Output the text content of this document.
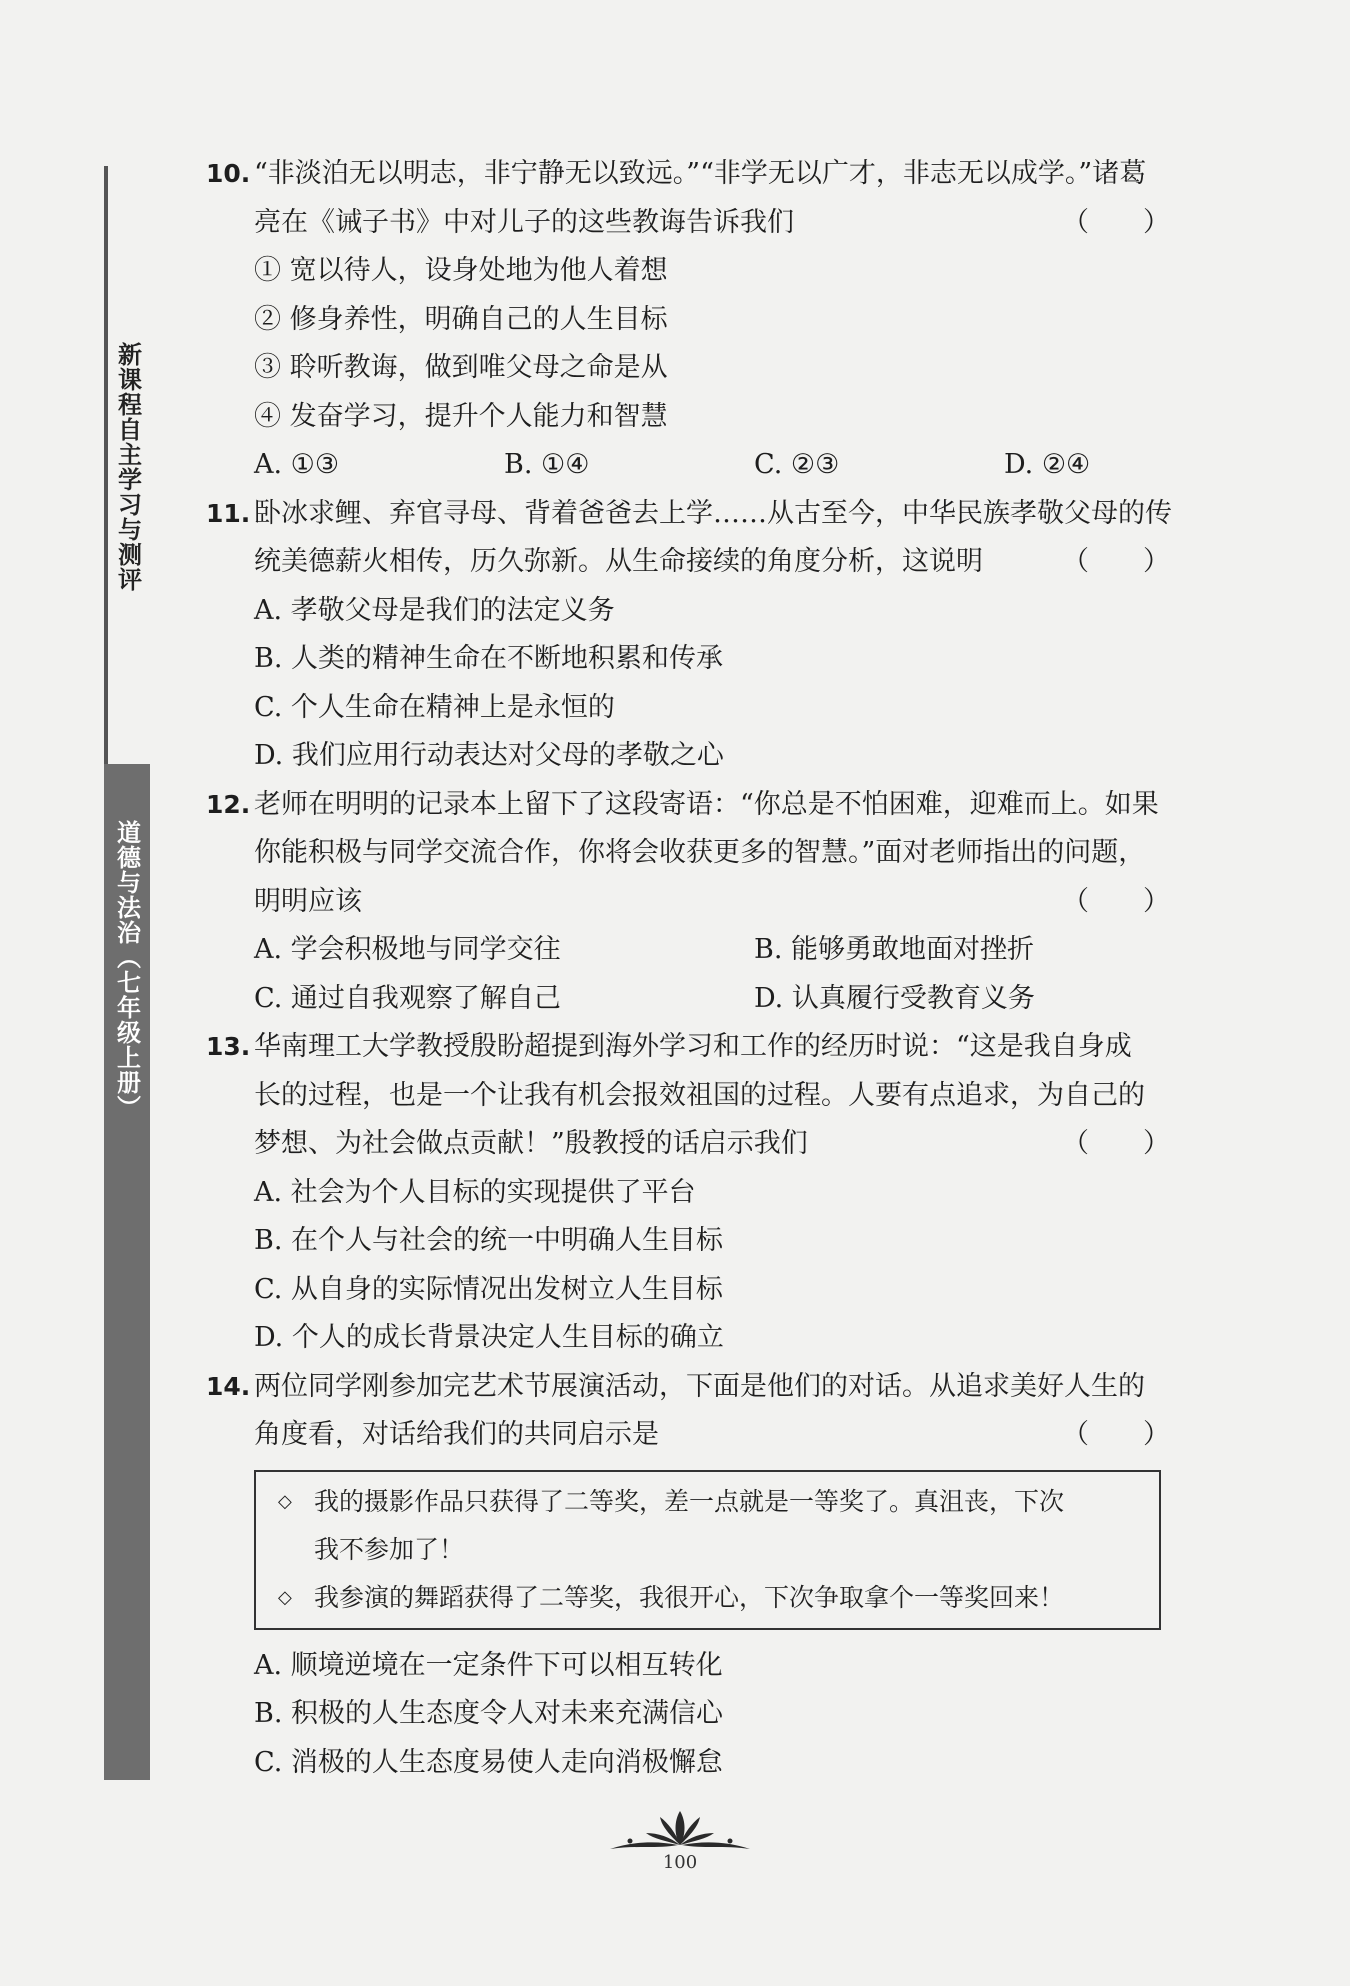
新课程自主学习与测评
道德与法治（七年级上册）
10. “非淡泊无以明志，非宁静无以致远。”“非学无以广才，非志无以成学。”诸葛
亮在《诫子书》中对儿子的这些教诲告诉我们	（　　）
① 宽以待人，设身处地为他人着想
② 修身养性，明确自己的人生目标
③ 聆听教诲，做到唯父母之命是从
④ 发奋学习，提升个人能力和智慧
A. ①③	B. ①④	C. ②③	D. ②④
11. 卧冰求鲤、弃官寻母、背着爸爸去上学……从古至今，中华民族孝敬父母的传
统美德薪火相传，历久弥新。从生命接续的角度分析，这说明	（　　）
A. 孝敬父母是我们的法定义务
B. 人类的精神生命在不断地积累和传承
C. 个人生命在精神上是永恒的
D. 我们应用行动表达对父母的孝敬之心
12. 老师在明明的记录本上留下了这段寄语：“你总是不怕困难，迎难而上。如果
你能积极与同学交流合作，你将会收获更多的智慧。”面对老师指出的问题，
明明应该	（　　）
A. 学会积极地与同学交往	B. 能够勇敢地面对挫折
C. 通过自我观察了解自己	D. 认真履行受教育义务
13. 华南理工大学教授殷盼超提到海外学习和工作的经历时说：“这是我自身成
长的过程，也是一个让我有机会报效祖国的过程。人要有点追求，为自己的
梦想、为社会做点贡献！”殷教授的话启示我们	（　　）
A. 社会为个人目标的实现提供了平台
B. 在个人与社会的统一中明确人生目标
C. 从自身的实际情况出发树立人生目标
D. 个人的成长背景决定人生目标的确立
14. 两位同学刚参加完艺术节展演活动，下面是他们的对话。从追求美好人生的
角度看，对话给我们的共同启示是	（　　）
◇ 我的摄影作品只获得了二等奖，差一点就是一等奖了。真沮丧，下次
我不参加了！
◇ 我参演的舞蹈获得了二等奖，我很开心，下次争取拿个一等奖回来！
A. 顺境逆境在一定条件下可以相互转化
B. 积极的人生态度令人对未来充满信心
C. 消极的人生态度易使人走向消极懈怠
100
